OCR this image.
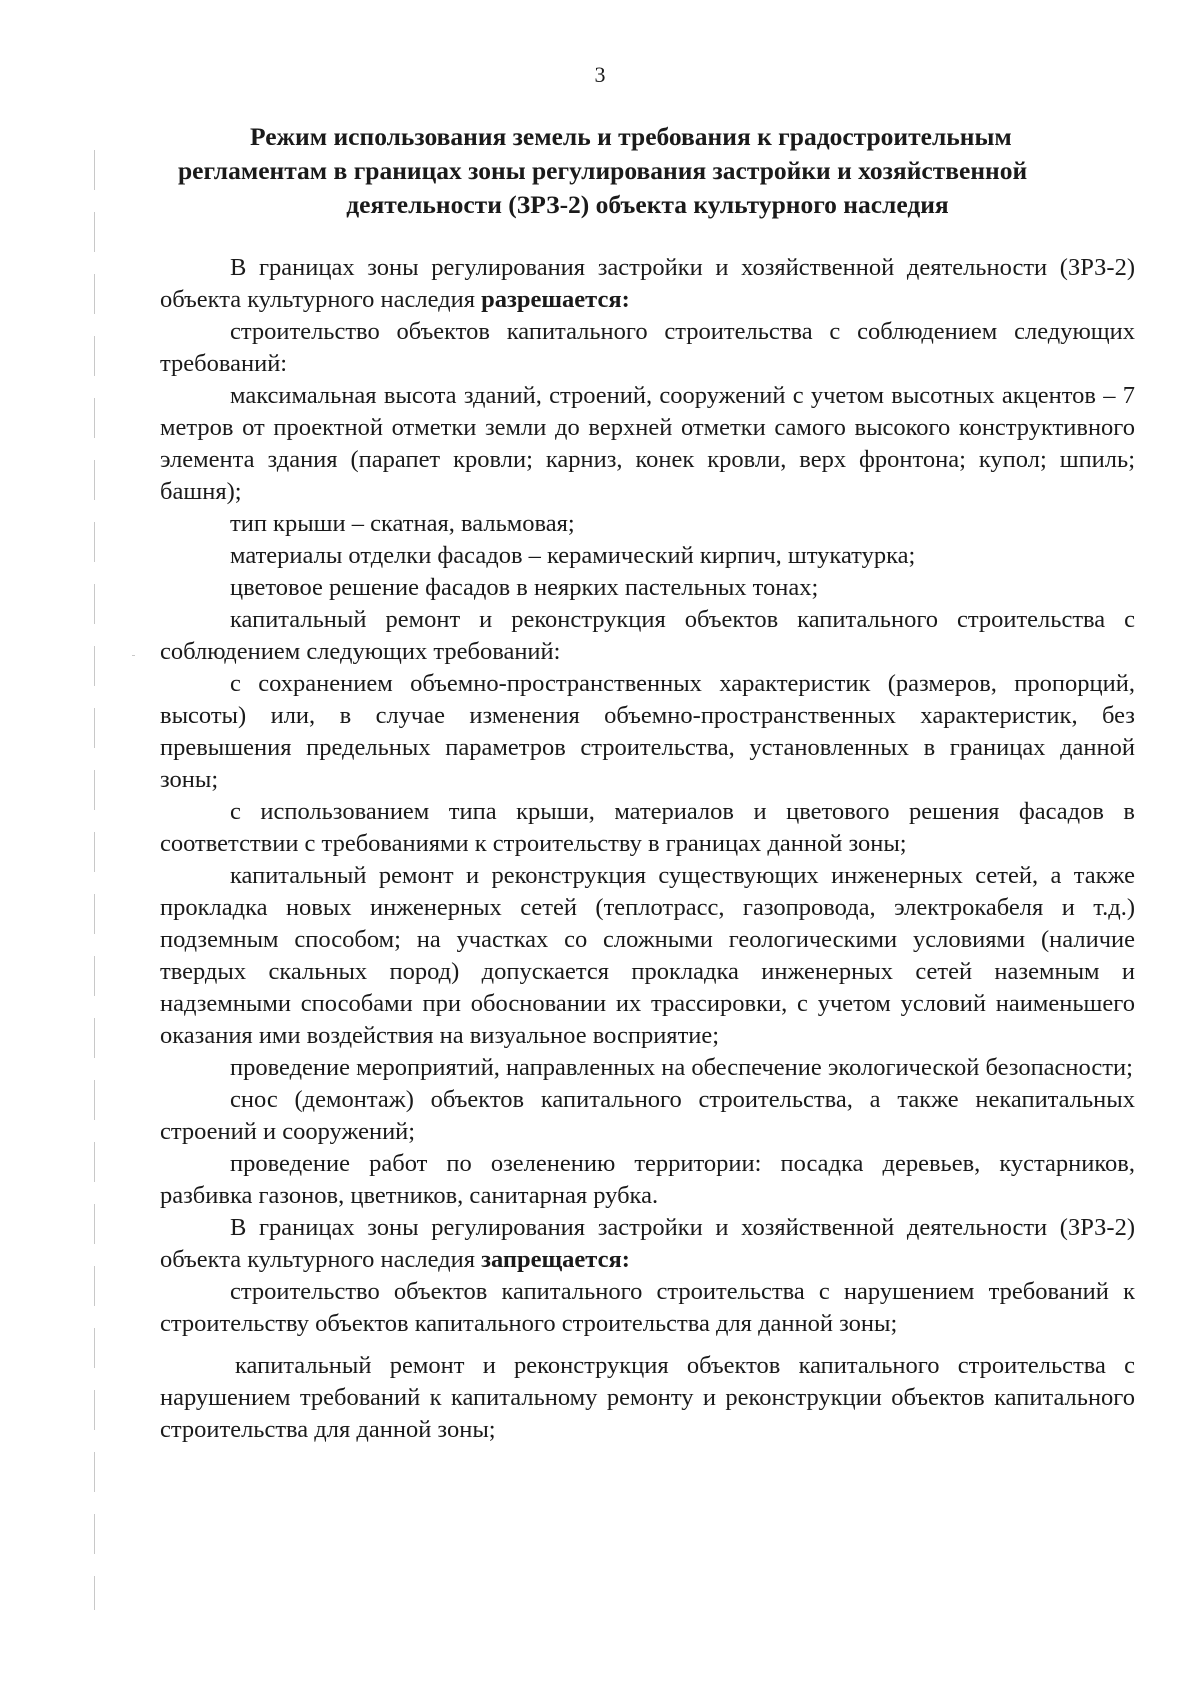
3
Режим использования земель и требования к градостроительным
регламентам в границах зоны регулирования застройки и хозяйственной
деятельности (ЗРЗ-2) объекта культурного наследия

В границах зоны регулирования застройки и хозяйственной деятельности (ЗРЗ-2) объекта культурного наследия разрешается:

строительство объектов капитального строительства с соблюдением следующих требований:

максимальная высота зданий, строений, сооружений с учетом высотных акцентов – 7 метров от проектной отметки земли до верхней отметки самого высокого конструктивного элемента здания (парапет кровли; карниз, конек кровли, верх фронтона; купол; шпиль; башня);

тип крыши – скатная, вальмовая;

материалы отделки фасадов – керамический кирпич, штукатурка;

цветовое решение фасадов в неярких пастельных тонах;

капитальный ремонт и реконструкция объектов капитального строительства с соблюдением следующих требований:

с сохранением объемно-пространственных характеристик (размеров, пропорций, высоты) или, в случае изменения объемно-пространственных характеристик, без превышения предельных параметров строительства, установленных в границах данной зоны;

с использованием типа крыши, материалов и цветового решения фасадов в соответствии с требованиями к строительству в границах данной зоны;

капитальный ремонт и реконструкция существующих инженерных сетей, а также прокладка новых инженерных сетей (теплотрасс, газопровода, электрокабеля и т.д.) подземным способом; на участках со сложными геологическими условиями (наличие твердых скальных пород) допускается прокладка инженерных сетей наземным и надземными способами при обосновании их трассировки, с учетом условий наименьшего оказания ими воздействия на визуальное восприятие;

проведение мероприятий, направленных на обеспечение экологической безопасности;

снос (демонтаж) объектов капитального строительства, а также некапитальных строений и сооружений;

проведение работ по озеленению территории: посадка деревьев, кустарников, разбивка газонов, цветников, санитарная рубка.

В границах зоны регулирования застройки и хозяйственной деятельности (ЗРЗ-2) объекта культурного наследия запрещается:

строительство объектов капитального строительства с нарушением требований к строительству объектов капитального строительства для данной зоны;

капитальный ремонт и реконструкция объектов капитального строительства с нарушением требований к капитальному ремонту и реконструкции объектов капитального строительства для данной зоны;
